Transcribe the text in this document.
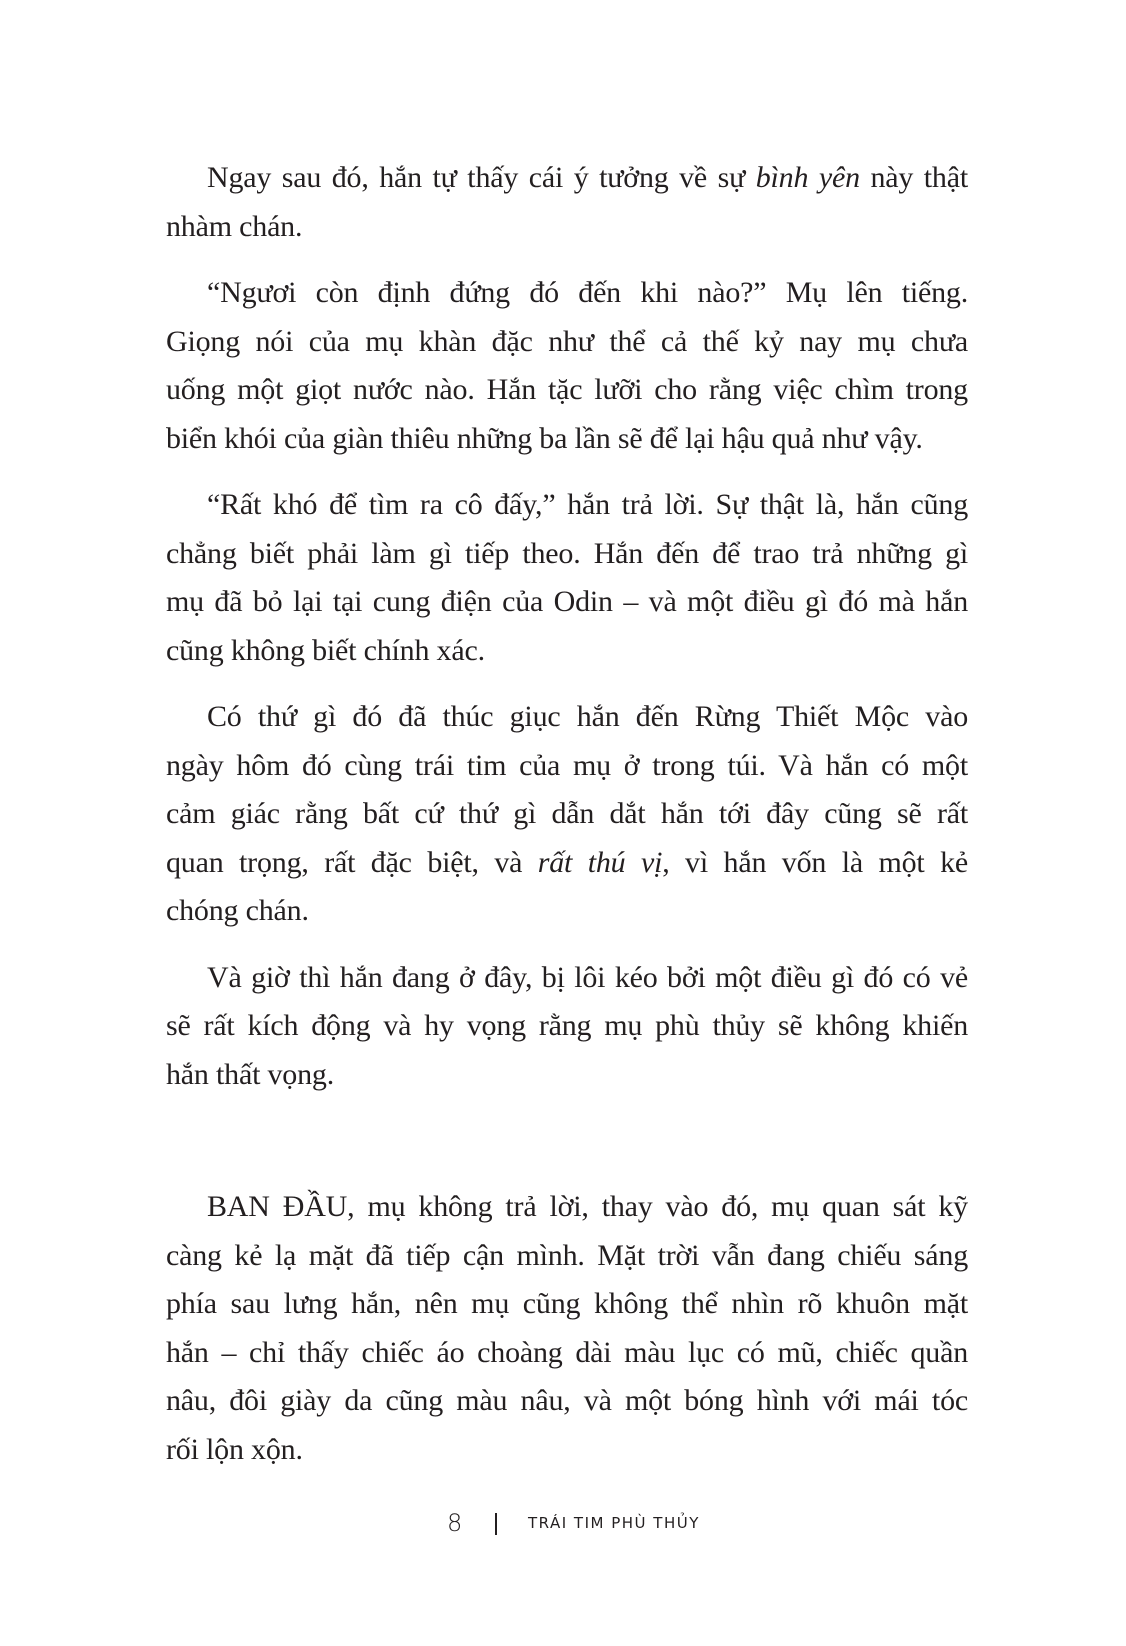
Ngay sau đó, hắn tự thấy cái ý tưởng về sự bình yên này thật
nhàm chán.

“Ngươi còn định đứng đó đến khi nào?” Mụ lên tiếng.
Giọng nói của mụ khàn đặc như thể cả thế kỷ nay mụ chưa
uống một giọt nước nào. Hắn tặc lưỡi cho rằng việc chìm trong
biển khói của giàn thiêu những ba lần sẽ để lại hậu quả như vậy.

“Rất khó để tìm ra cô đấy,” hắn trả lời. Sự thật là, hắn cũng
chẳng biết phải làm gì tiếp theo. Hắn đến để trao trả những gì
mụ đã bỏ lại tại cung điện của Odin – và một điều gì đó mà hắn
cũng không biết chính xác.

Có thứ gì đó đã thúc giục hắn đến Rừng Thiết Mộc vào
ngày hôm đó cùng trái tim của mụ ở trong túi. Và hắn có một
cảm giác rằng bất cứ thứ gì dẫn dắt hắn tới đây cũng sẽ rất
quan trọng, rất đặc biệt, và rất thú vị, vì hắn vốn là một kẻ
chóng chán.

Và giờ thì hắn đang ở đây, bị lôi kéo bởi một điều gì đó có vẻ
sẽ rất kích động và hy vọng rằng mụ phù thủy sẽ không khiến
hắn thất vọng.

BAN ĐẦU, mụ không trả lời, thay vào đó, mụ quan sát kỹ
càng kẻ lạ mặt đã tiếp cận mình. Mặt trời vẫn đang chiếu sáng
phía sau lưng hắn, nên mụ cũng không thể nhìn rõ khuôn mặt
hắn – chỉ thấy chiếc áo choàng dài màu lục có mũ, chiếc quần
nâu, đôi giày da cũng màu nâu, và một bóng hình với mái tóc
rối lộn xộn.

8	TRÁI TIM PHÙ THỦY
